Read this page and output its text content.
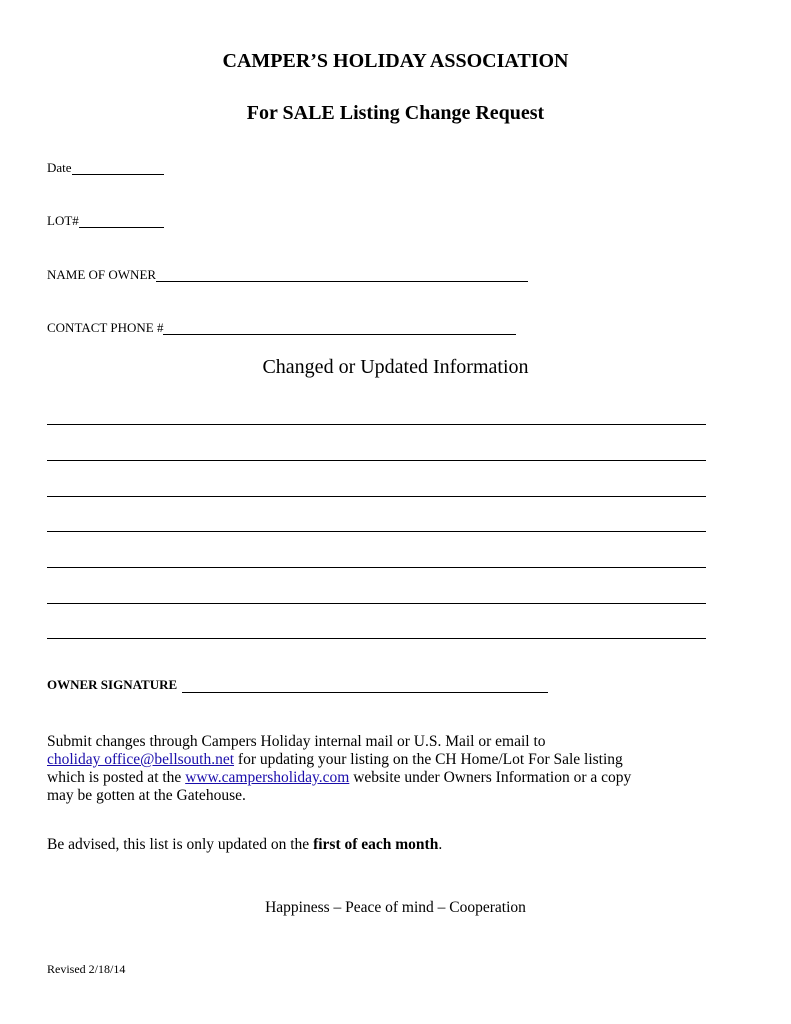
CAMPER’S HOLIDAY ASSOCIATION
For SALE Listing Change Request
Date
LOT#
NAME OF OWNER
CONTACT PHONE #
Changed or Updated Information
OWNER SIGNATURE
Submit changes through Campers Holiday internal mail or U.S. Mail or email to
choliday office@bellsouth.net for updating your listing on the CH Home/Lot For Sale listing
which is posted at the www.campersholiday.com website under Owners Information or a copy
may be gotten at the Gatehouse.
Be advised, this list is only updated on the first of each month.
Happiness – Peace of mind – Cooperation
Revised 2/18/14
